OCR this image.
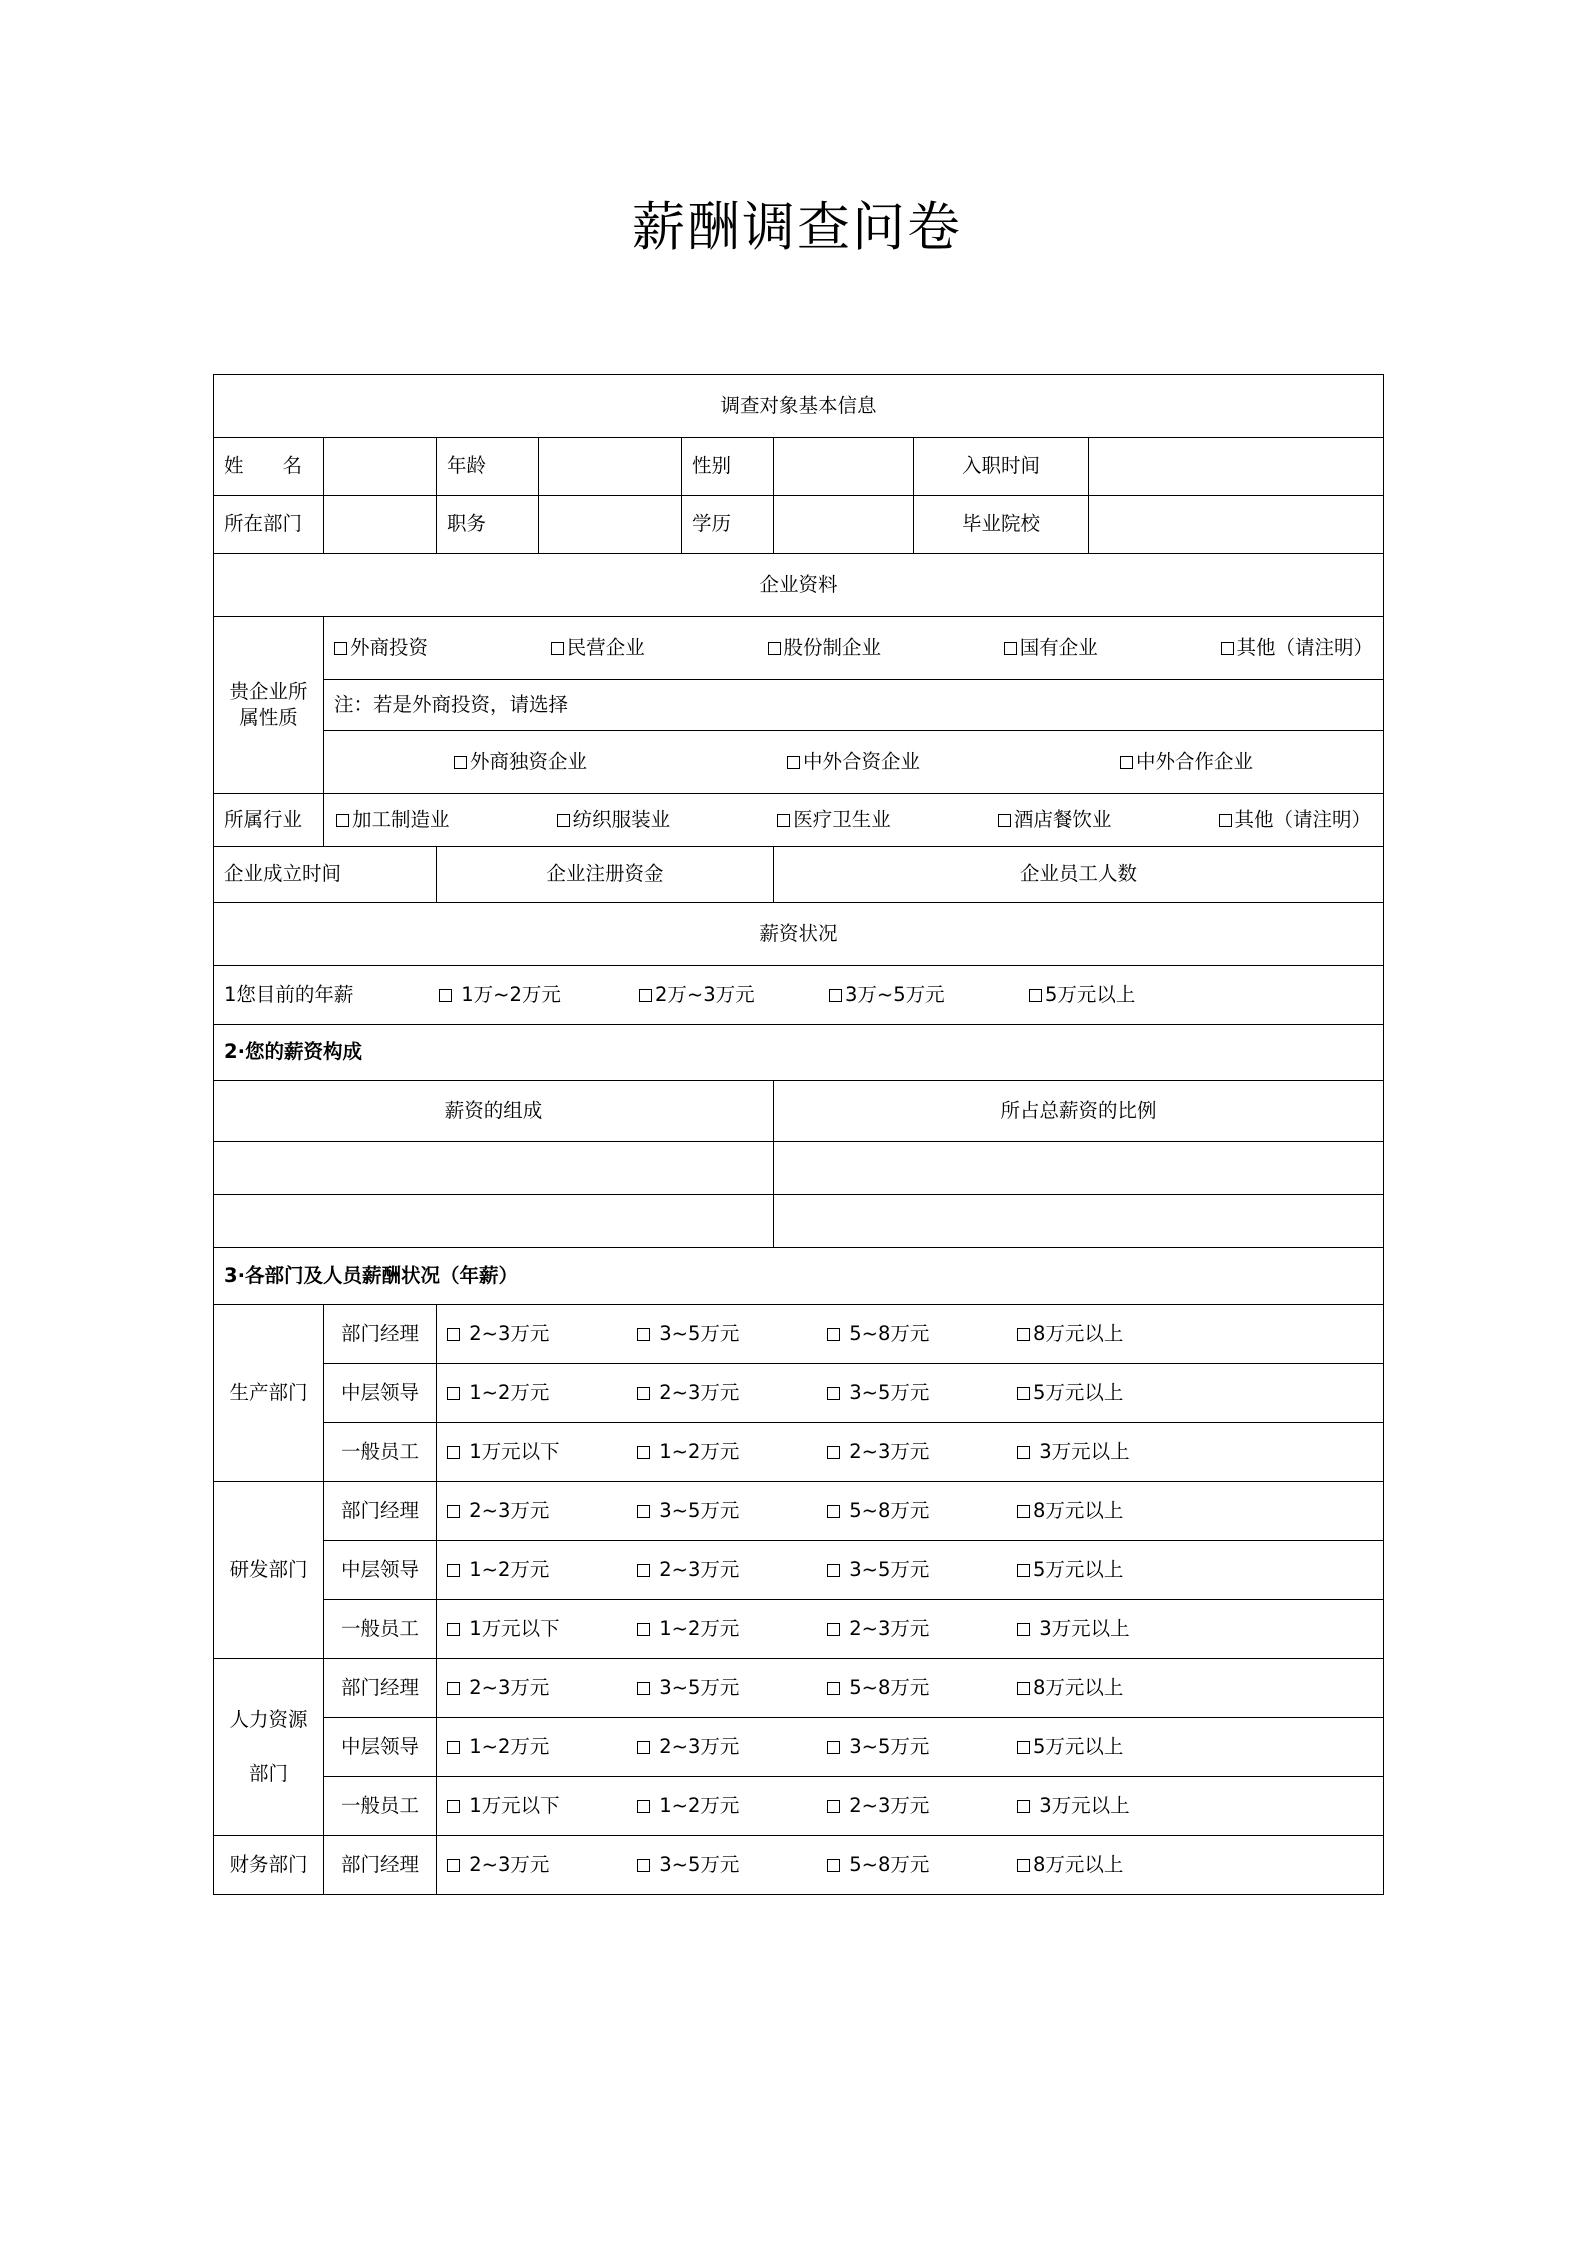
薪酬调查问卷
调查对象基本信息							
姓　　名		年龄		性别		入职时间	
所在部门		职务		学历		毕业院校	
企业资料							

贵企业所
属性质

外商投资	民营企业	股份制企业	国有企业	其他（请注明）

	注：若是外商投资，请选择						

	外商独资企业 中外合资企业 中外合作企业						

所属行业	加工制造业 纺织服装业 医疗卫生业 酒店餐饮业 其他（请注明）						

企业成立时间		企业注册资金			企业员工人数		
薪资状况							

1您目前的年薪 1万~2万元 2万~3万元 3万~5万元 5万元以上							

2·您的薪资构成							
薪资的组成					所占总薪资的比例		

3·各部门及人员薪酬状况（年薪）							
生产部门	部门经理	2~3万元 3~5万元 5~8万元 8万元以上					

	中层领导	1~2万元 2~3万元 3~5万元 5万元以上					

	一般员工	1万元以下 1~2万元 2~3万元 3万元以上					

研发部门	部门经理	2~3万元 3~5万元 5~8万元 8万元以上					

	中层领导	1~2万元 2~3万元 3~5万元 5万元以上					

	一般员工	1万元以下 1~2万元 2~3万元 3万元以上					

人力资源
部门
	部门经理	2~3万元	3~5万元	5~8万元	8万元以上

	中层领导	1~2万元 2~3万元 3~5万元 5万元以上					

	一般员工	1万元以下 1~2万元 2~3万元 3万元以上					

财务部门	部门经理	2~3万元 3~5万元 5~8万元 8万元以上					
